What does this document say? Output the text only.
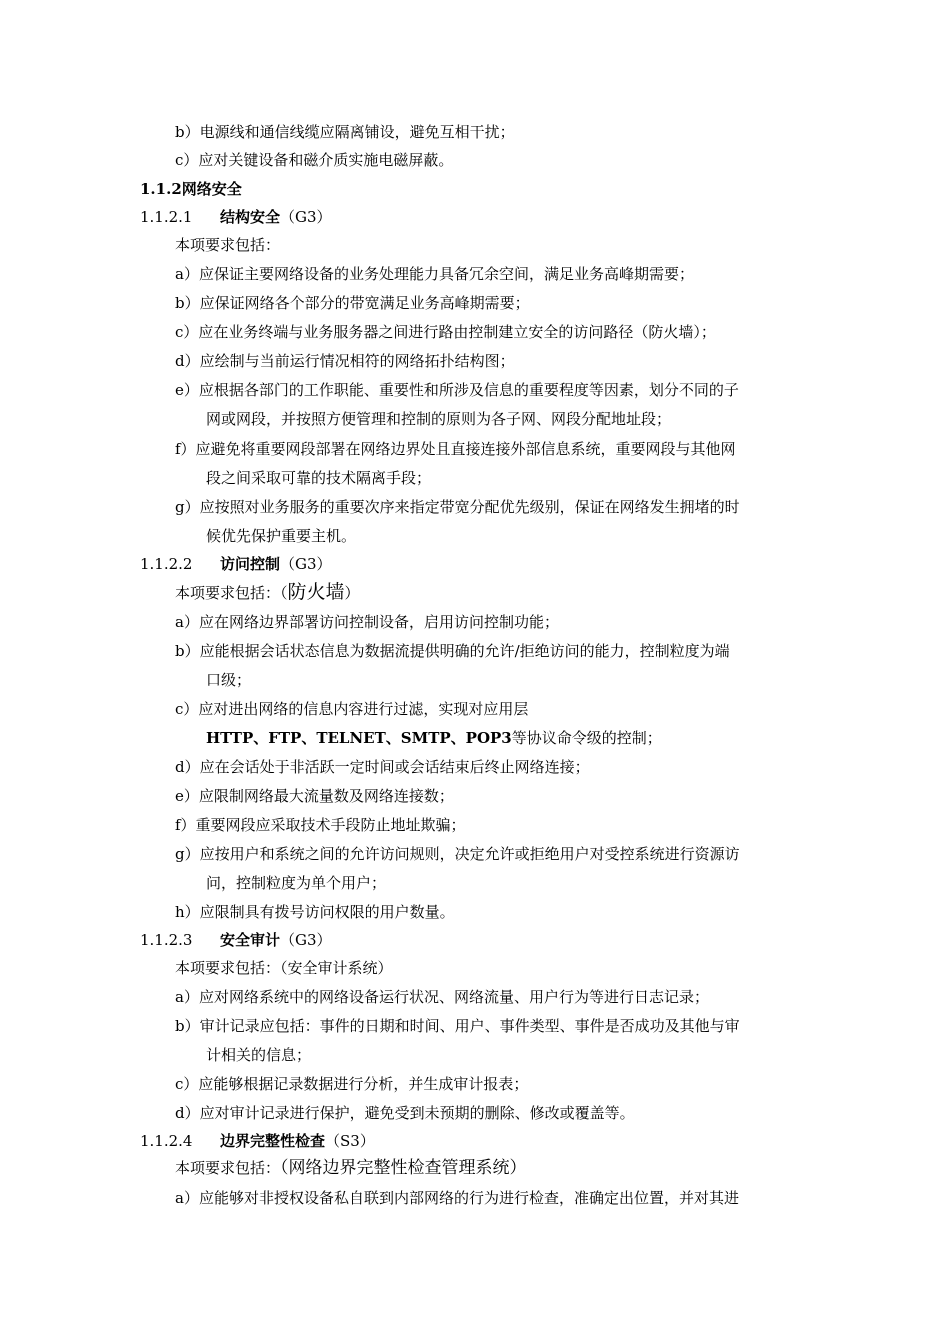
b）电源线和通信线缆应隔离铺设，避免互相干扰；
c）应对关键设备和磁介质实施电磁屏蔽。
1.1.2网络安全
1.1.2.1 结构安全（G3）
本项要求包括：
a）应保证主要网络设备的业务处理能力具备冗余空间，满足业务高峰期需要；
b）应保证网络各个部分的带宽满足业务高峰期需要；
c）应在业务终端与业务服务器之间进行路由控制建立安全的访问路径（防火墙）；
d）应绘制与当前运行情况相符的网络拓扑结构图；
e）应根据各部门的工作职能、重要性和所涉及信息的重要程度等因素，划分不同的子
网或网段，并按照方便管理和控制的原则为各子网、网段分配地址段；
f）应避免将重要网段部署在网络边界处且直接连接外部信息系统，重要网段与其他网
段之间采取可靠的技术隔离手段；
g）应按照对业务服务的重要次序来指定带宽分配优先级别，保证在网络发生拥堵的时
候优先保护重要主机。
1.1.2.2 访问控制（G3）
本项要求包括：（防火墙）
a）应在网络边界部署访问控制设备，启用访问控制功能；
b）应能根据会话状态信息为数据流提供明确的允许/拒绝访问的能力，控制粒度为端
口级；
c）应对进出网络的信息内容进行过滤，实现对应用层
HTTP、FTP、TELNET、SMTP、POP3等协议命令级的控制；
d）应在会话处于非活跃一定时间或会话结束后终止网络连接；
e）应限制网络最大流量数及网络连接数；
f）重要网段应采取技术手段防止地址欺骗；
g）应按用户和系统之间的允许访问规则，决定允许或拒绝用户对受控系统进行资源访
问，控制粒度为单个用户；
h）应限制具有拨号访问权限的用户数量。
1.1.2.3 安全审计（G3）
本项要求包括：（安全审计系统）
a）应对网络系统中的网络设备运行状况、网络流量、用户行为等进行日志记录；
b）审计记录应包括：事件的日期和时间、用户、事件类型、事件是否成功及其他与审
计相关的信息；
c）应能够根据记录数据进行分析，并生成审计报表；
d）应对审计记录进行保护，避免受到未预期的删除、修改或覆盖等。
1.1.2.4 边界完整性检查（S3）
本项要求包括：（网络边界完整性检查管理系统）
a）应能够对非授权设备私自联到内部网络的行为进行检查，准确定出位置，并对其进
